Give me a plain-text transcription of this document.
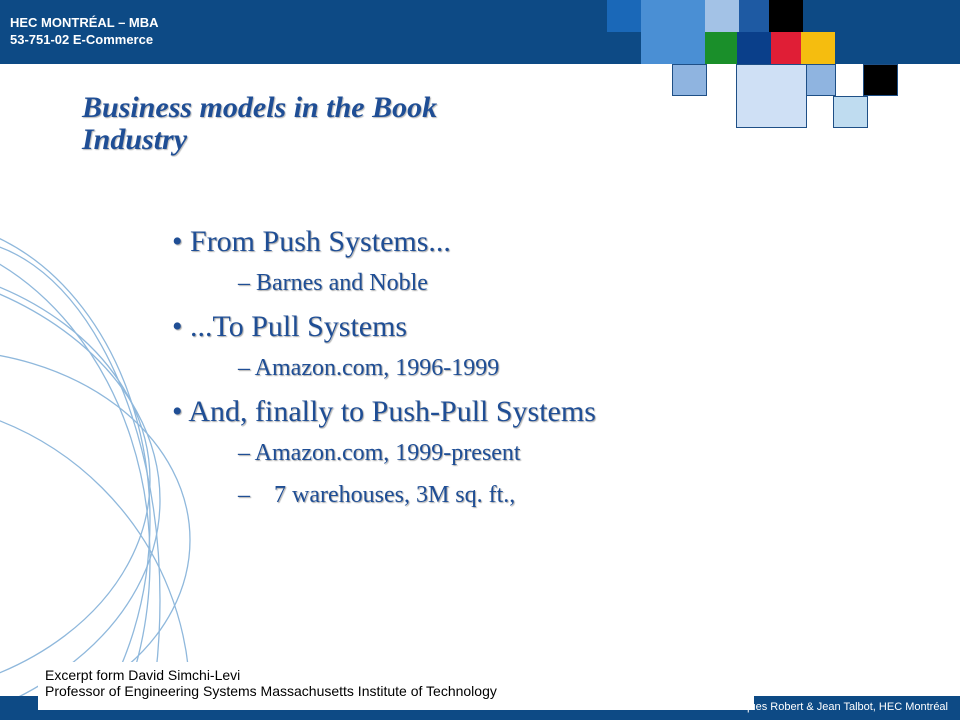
HEC MONTRÉAL – MBA
53-751-02 E-Commerce
Business models in the Book
Industry
• From Push Systems...
– Barnes and Noble
• ...To Pull Systems
– Amazon.com, 1996-1999
• And, finally to Push-Pull Systems
– Amazon.com, 1999-present
–    7 warehouses, 3M sq. ft.,
Excerpt form David Simchi-Levi
Professor of Engineering Systems Massachusetts Institute of Technology
Jacques Robert & Jean Talbot, HEC Montréal
